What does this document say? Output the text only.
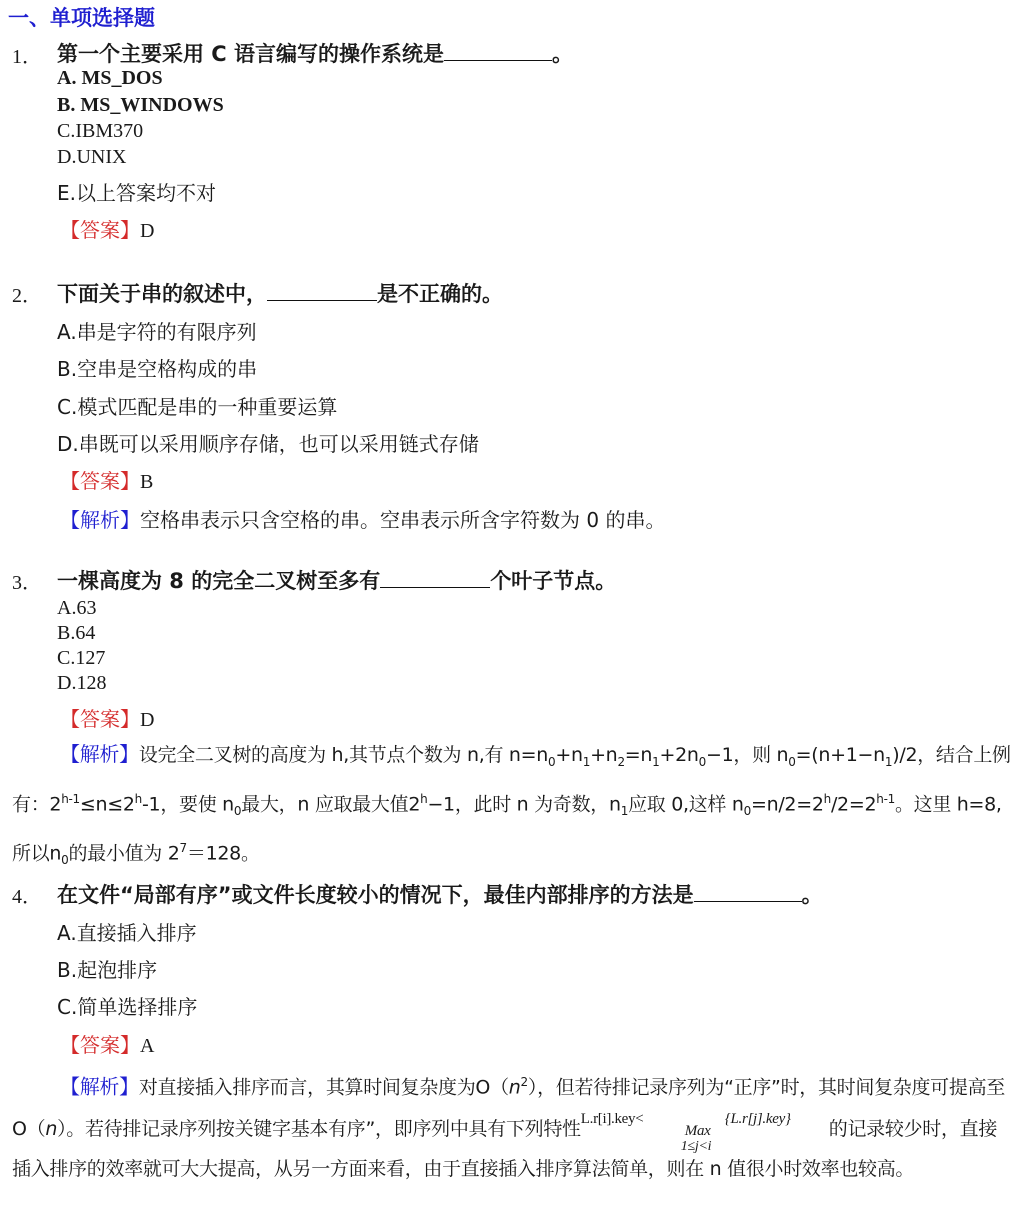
一、单项选择题
1． 第一个主要采用 C 语言编写的操作系统是	。
A. MS_DOS
B. MS_WINDOWS
C.IBM370
D.UNIX
E.以上答案均不对
【答案】D
2． 下面关于串的叙述中，	是不正确的。
A.串是字符的有限序列
B.空串是空格构成的串
C.模式匹配是串的一种重要运算
D.串既可以采用顺序存储，也可以采用链式存储
【答案】B
【解析】空格串表示只含空格的串。空串表示所含字符数为 0 的串。
3． 一棵高度为 8 的完全二叉树至多有	个叶子节点。
A.63
B.64
C.127
D.128
【答案】D
【解析】设完全二叉树的高度为 h,其节点个数为 n,有 $n=n_0+n_1+n_2=n_1+2n_0-1$，则 $n_0=(n+1-n_1)/2$，结合上例有：$2^{h-1}\le n\le 2^h-1$，要使 $n_0$最大，n 应取最大值$2^h-1$，此时 n 为奇数，$n_1$应取 0,这样 $n_0=n/2=2^h/2=2^{h-1}$。这里 h=8,所以$n_0$的最小值为 $2^7=128$。
4． 在文件“局部有序”或文件长度较小的情况下，最佳内部排序的方法是	。
A.直接插入排序
B.起泡排序
C.简单选择排序
【答案】A
【解析】对直接插入排序而言，其算时间复杂度为$O(n^2)$，但若待排记录序列为“正序”时，其时间复杂度可提高至O（n）。若待排记录序列按关键字基本有序”，即序列中具有下列特性 L.r[i].key<
Max
1≤j<i
{L.r[j].key} 的记录较少时，直接插入排序的效率就可大大提高，从另一方面来看，由于直接插入排序算法简单，则在 n 值很小时效率也较高。
